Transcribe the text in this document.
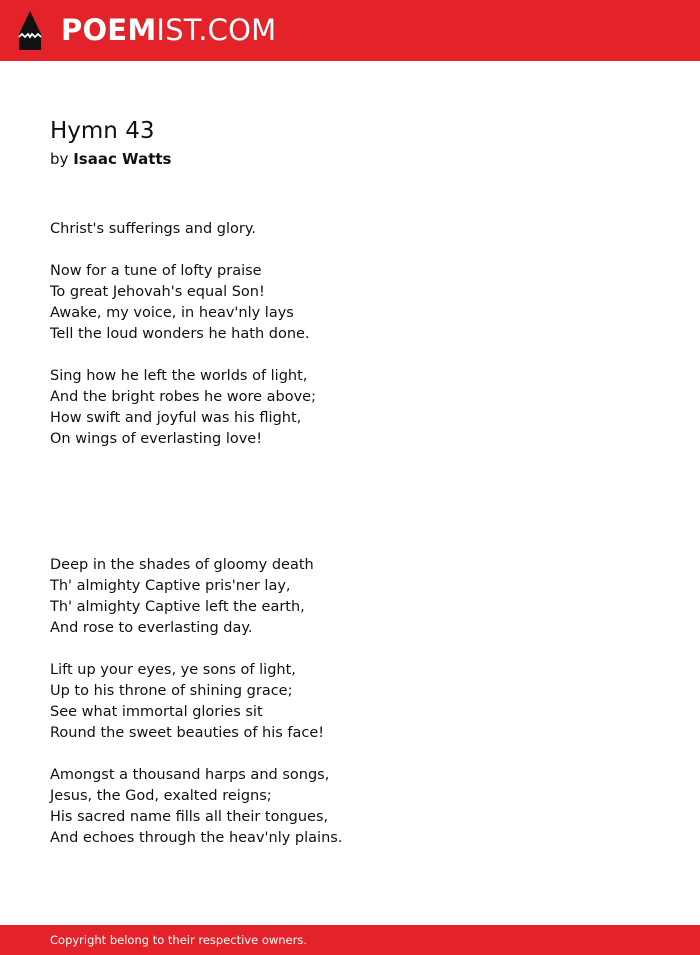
POEMIST.COM
Hymn 43
by Isaac Watts
Christ's sufferings and glory.
Now for a tune of lofty praise
To great Jehovah's equal Son!
Awake, my voice, in heav'nly lays
Tell the loud wonders he hath done.
Sing how he left the worlds of light,
And the bright robes he wore above;
How swift and joyful was his flight,
On wings of everlasting love!
Deep in the shades of gloomy death
Th' almighty Captive pris'ner lay,
Th' almighty Captive left the earth,
And rose to everlasting day.
Lift up your eyes, ye sons of light,
Up to his throne of shining grace;
See what immortal glories sit
Round the sweet beauties of his face!
Amongst a thousand harps and songs,
Jesus, the God, exalted reigns;
His sacred name fills all their tongues,
And echoes through the heav'nly plains.
Copyright belong to their respective owners.
